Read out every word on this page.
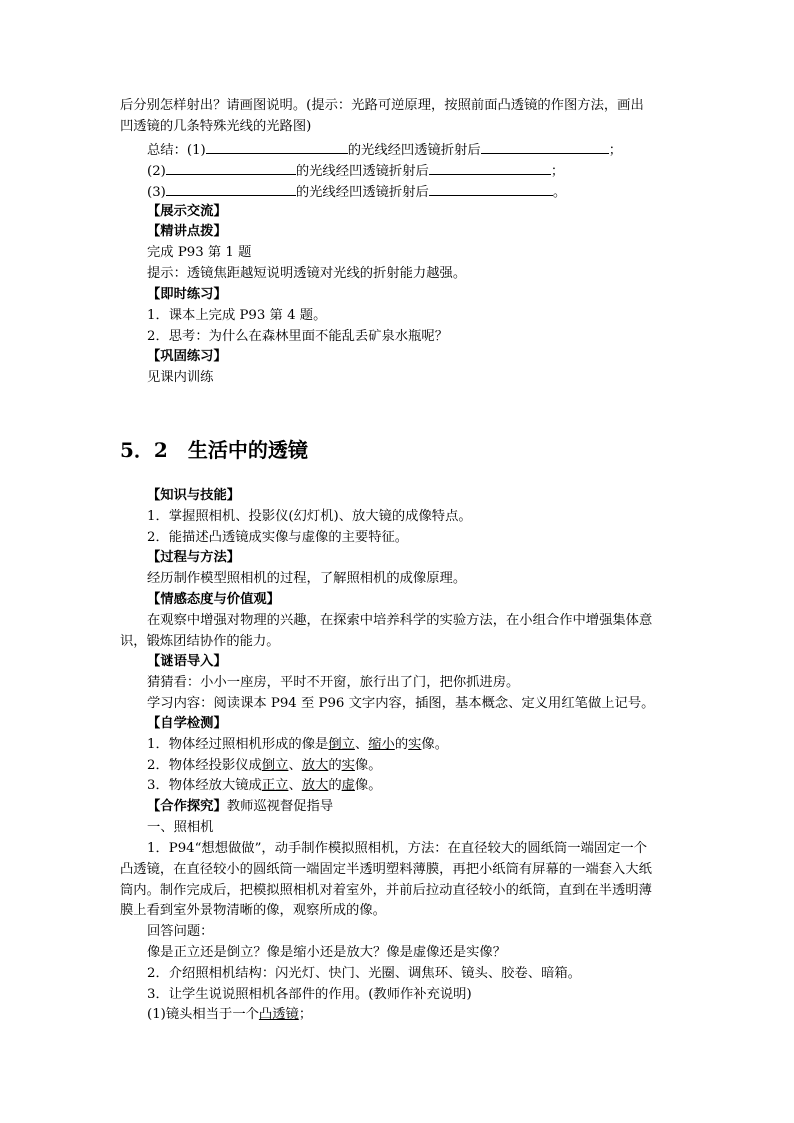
后分别怎样射出？请画图说明。(提示：光路可逆原理，按照前面凸透镜的作图方法，画出
凹透镜的几条特殊光线的光路图)
总结：(1)	的光线经凹透镜折射后	；
(2)	的光线经凹透镜折射后	；
(3)	的光线经凹透镜折射后	。
【展示交流】
【精讲点拨】
完成 P93 第 1 题
提示：透镜焦距越短说明透镜对光线的折射能力越强。
【即时练习】
1．课本上完成 P93 第 4 题。
2．思考：为什么在森林里面不能乱丢矿泉水瓶呢？
【巩固练习】
见课内训练
5．2　生活中的透镜
【知识与技能】
1．掌握照相机、投影仪(幻灯机)、放大镜的成像特点。
2．能描述凸透镜成实像与虚像的主要特征。
【过程与方法】
经历制作模型照相机的过程，了解照相机的成像原理。
【情感态度与价值观】
在观察中增强对物理的兴趣，在探索中培养科学的实验方法，在小组合作中增强集体意
识，锻炼团结协作的能力。
【谜语导入】
猜猜看：小小一座房，平时不开窗，旅行出了门，把你抓进房。
学习内容：阅读课本 P94 至 P96 文字内容，插图，基本概念、定义用红笔做上记号。
【自学检测】
1．物体经过照相机形成的像是倒立、缩小的实像。
2．物体经投影仪成倒立、放大的实像。
3．物体经放大镜成正立、放大的虚像。
【合作探究】教师巡视督促指导
一、照相机
1．P94“想想做做”，动手制作模拟照相机，方法：在直径较大的圆纸筒一端固定一个
凸透镜，在直径较小的圆纸筒一端固定半透明塑料薄膜，再把小纸筒有屏幕的一端套入大纸
筒内。制作完成后，把模拟照相机对着室外，并前后拉动直径较小的纸筒，直到在半透明薄
膜上看到室外景物清晰的像，观察所成的像。
回答问题：
像是正立还是倒立？像是缩小还是放大？像是虚像还是实像？
2．介绍照相机结构：闪光灯、快门、光圈、调焦环、镜头、胶卷、暗箱。
3．让学生说说照相机各部件的作用。(教师作补充说明)
(1)镜头相当于一个凸透镜；
